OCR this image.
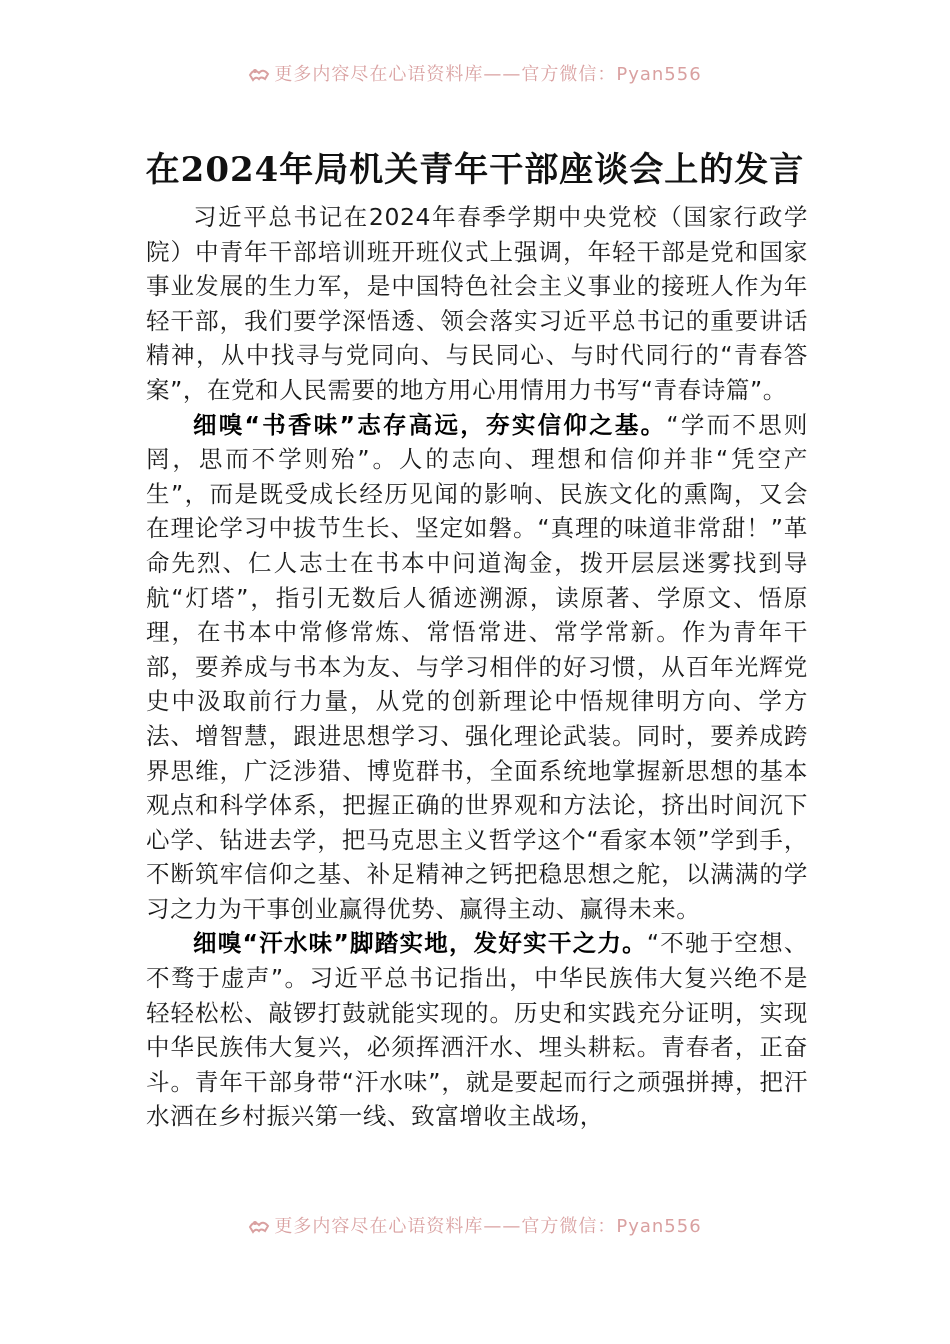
更多内容尽在心语资料库——官方微信：Pyan556
在2024年局机关青年干部座谈会上的发言

习近平总书记在2024年春季学期中央党校（国家行政学院）中青年干部培训班开班仪式上强调，年轻干部是党和国家事业发展的生力军，是中国特色社会主义事业的接班人作为年轻干部，我们要学深悟透、领会落实习近平总书记的重要讲话精神，从中找寻与党同向、与民同心、与时代同行的“青春答案”，在党和人民需要的地方用心用情用力书写“青春诗篇”。

细嗅“书香味”志存高远，夯实信仰之基。“学而不思则罔，思而不学则殆”。人的志向、理想和信仰并非“凭空产生”，而是既受成长经历见闻的影响、民族文化的熏陶，又会在理论学习中拔节生长、坚定如磐。“真理的味道非常甜！”革命先烈、仁人志士在书本中问道淘金，拨开层层迷雾找到导航“灯塔”，指引无数后人循迹溯源，读原著、学原文、悟原理，在书本中常修常炼、常悟常进、常学常新。作为青年干部，要养成与书本为友、与学习相伴的好习惯，从百年光辉党史中汲取前行力量，从党的创新理论中悟规律明方向、学方法、增智慧，跟进思想学习、强化理论武装。同时，要养成跨界思维，广泛涉猎、博览群书，全面系统地掌握新思想的基本观点和科学体系，把握正确的世界观和方法论，挤出时间沉下心学、钻进去学，把马克思主义哲学这个“看家本领”学到手，不断筑牢信仰之基、补足精神之钙把稳思想之舵，以满满的学习之力为干事创业赢得优势、赢得主动、赢得未来。

细嗅“汗水味”脚踏实地，发好实干之力。“不驰于空想、不骛于虚声”。习近平总书记指出，中华民族伟大复兴绝不是轻轻松松、敲锣打鼓就能实现的。历史和实践充分证明，实现中华民族伟大复兴，必须挥洒汗水、埋头耕耘。青春者，正奋斗。青年干部身带“汗水味”，就是要起而行之顽强拼搏，把汗水洒在乡村振兴第一线、致富增收主战场，

更多内容尽在心语资料库——官方微信：Pyan556
